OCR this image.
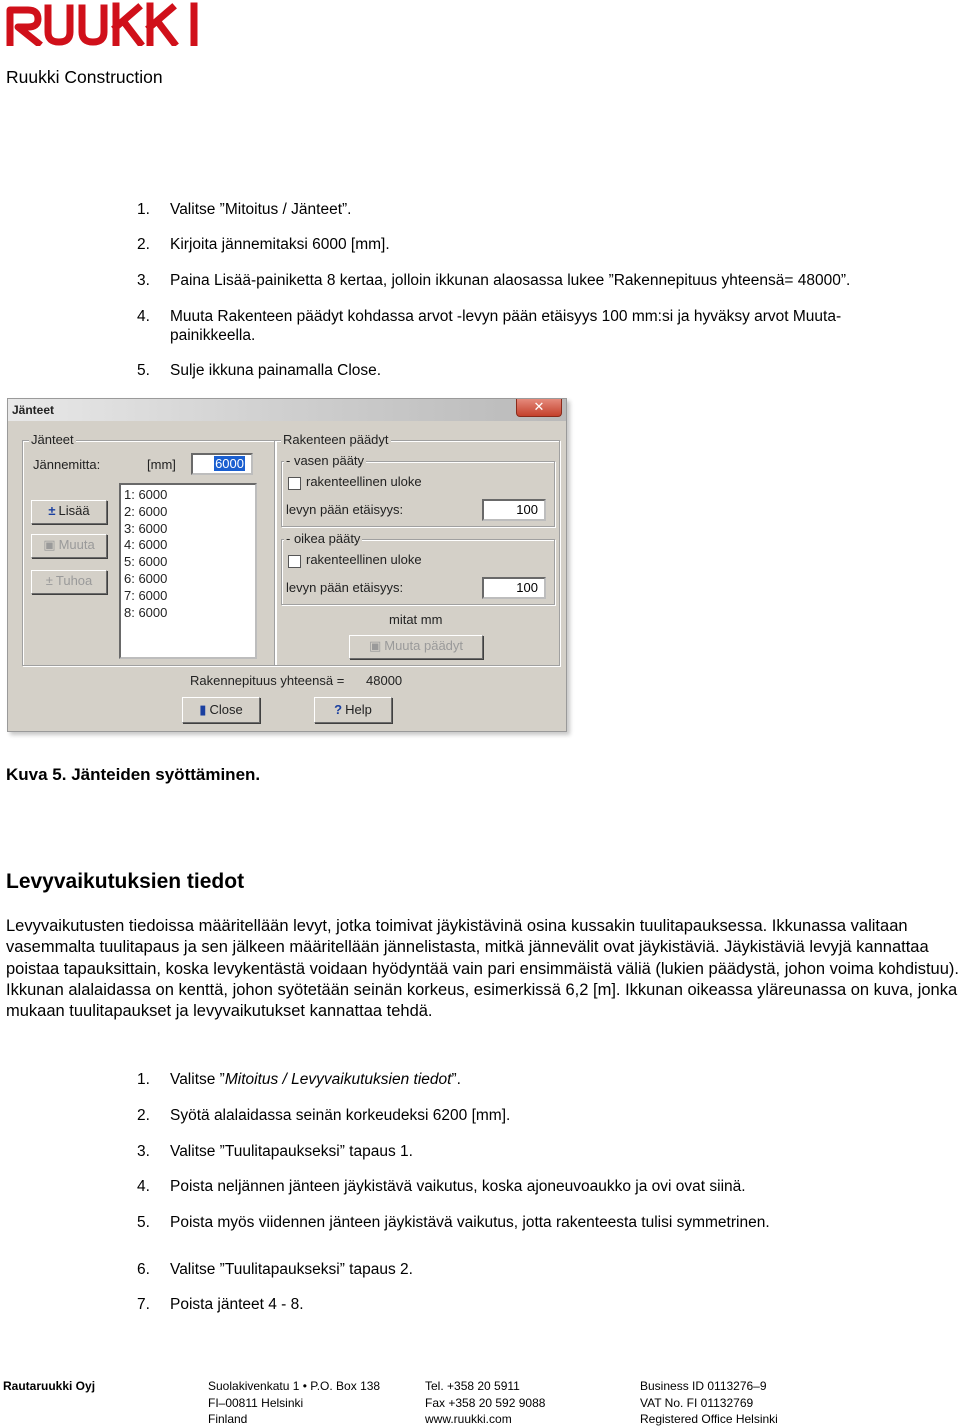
Ruukki Construction
1. Valitse ”Mitoitus / Jänteet”.
2. Kirjoita jännemitaksi 6000 [mm].
3. Paina Lisää-painiketta 8 kertaa, jolloin ikkunan alaosassa lukee ”Rakennepituus yhteensä= 48000”.
4. Muuta Rakenteen päädyt kohdassa arvot -levyn pään etäisyys 100 mm:si ja hyväksy arvot Muuta-painikkeella.
5. Sulje ikkuna painamalla Close.
Jänteet	✕
Jänteet
Jännemitta:	[mm]	6000
± Lisää
▣ Muuta
± Tuhoa
1: 6000
2: 6000
3: 6000
4: 6000
5: 6000
6: 6000
7: 6000
8: 6000
Rakenteen päädyt
- vasen pääty
rakenteellinen uloke
levyn pään etäisyys:	100
- oikea pääty
rakenteellinen uloke
levyn pään etäisyys:	100
mitat mm
▣ Muuta päädyt
Rakennepituus yhteensä = 48000
▮ Close	? Help
Kuva 5. Jänteiden syöttäminen.
Levyvaikutuksien tiedot
Levyvaikutusten tiedoissa määritellään levyt, jotka toimivat jäykistävinä osina kussakin tuulitapauksessa. Ikkunassa valitaan vasemmalta tuulitapaus ja sen jälkeen määritellään jännelistasta, mitkä jännevälit ovat jäykistäviä. Jäykistäviä levyjä kannattaa poistaa tapauksittain, koska levykentästä voidaan hyödyntää vain pari ensimmäistä väliä (lukien päädystä, johon voima kohdistuu). Ikkunan alalaidassa on kenttä, johon syötetään seinän korkeus, esimerkissä 6,2 [m]. Ikkunan oikeassa yläreunassa on kuva, jonka mukaan tuulitapaukset ja levyvaikutukset kannattaa tehdä.
1. Valitse ”Mitoitus / Levyvaikutuksien tiedot”.
2. Syötä alalaidassa seinän korkeudeksi 6200 [mm].
3. Valitse ”Tuulitapaukseksi” tapaus 1.
4. Poista neljännen jänteen jäykistävä vaikutus, koska ajoneuvoaukko ja ovi ovat siinä.
5. Poista myös viidennen jänteen jäykistävä vaikutus, jotta rakenteesta tulisi symmetrinen.
6. Valitse ”Tuulitapaukseksi” tapaus 2.
7. Poista jänteet 4 - 8.
Rautaruukki Oyj	Suolakivenkatu 1 • P.O. Box 138
FI–00811 Helsinki
Finland
Tel. +358 20 5911
Fax +358 20 592 9088
www.ruukki.com
Business ID 0113276–9
VAT No. FI 01132769
Registered Office Helsinki
